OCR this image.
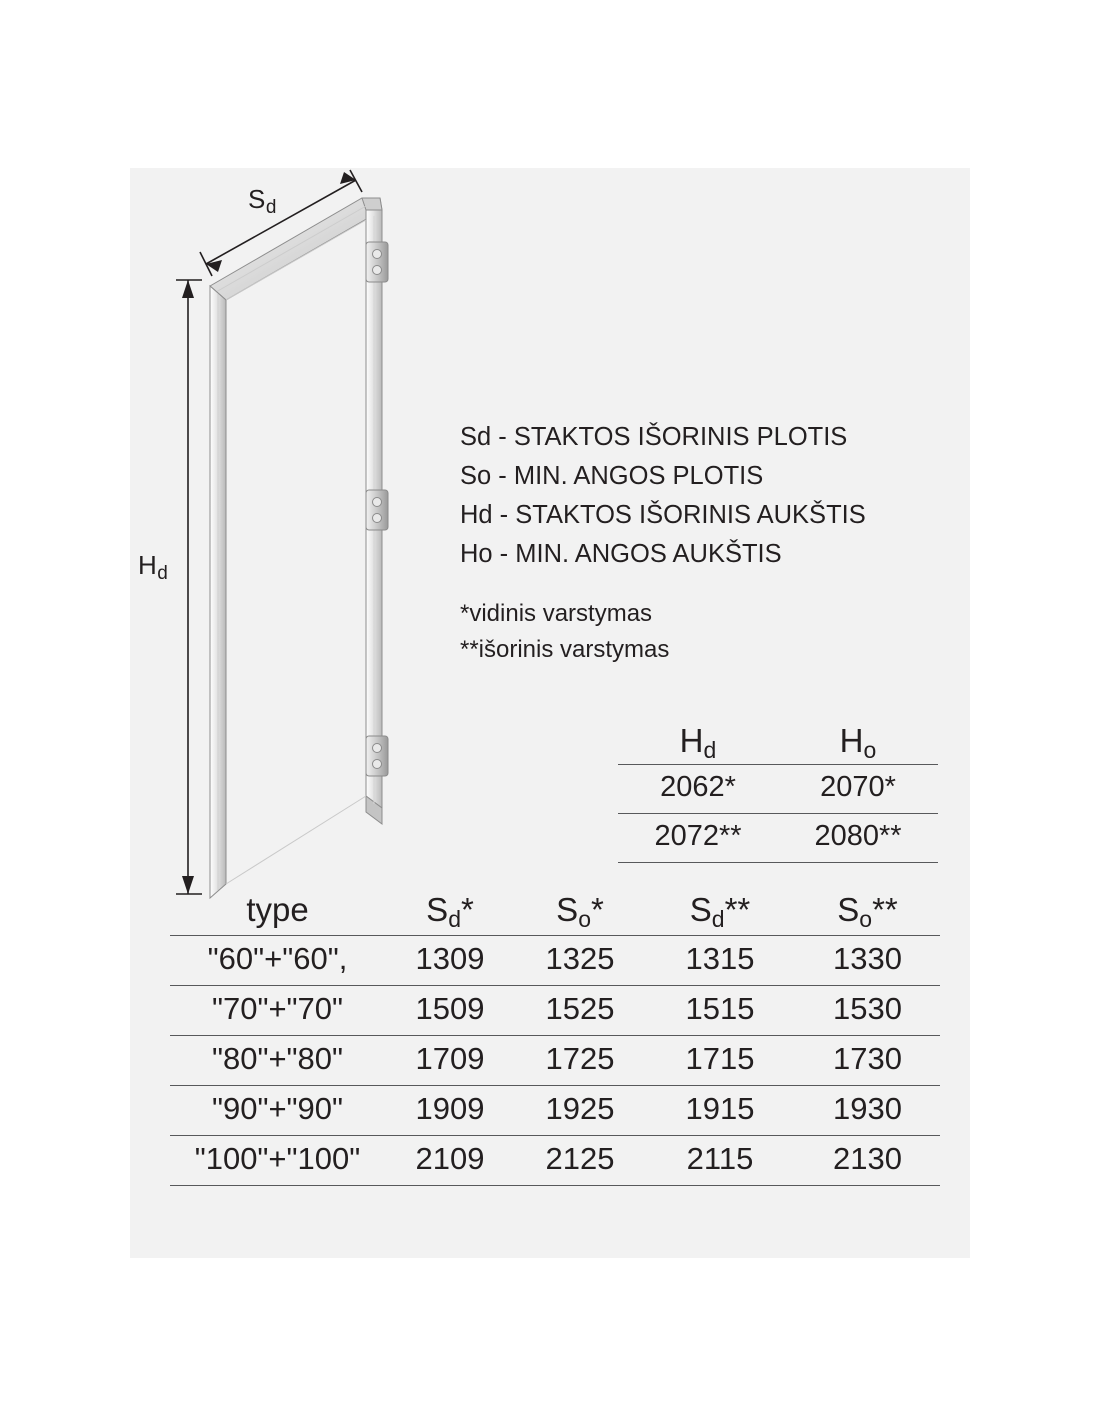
$S_d$
$H_d$
Sd - STAKTOS IŠORINIS PLOTIS
So - MIN. ANGOS PLOTIS
Hd - STAKTOS IŠORINIS AUKŠTIS
Ho - MIN. ANGOS AUKŠTIS
*vidinis varstymas
**išorinis varstymas
$H_d$	$H_o$
2062*	2070*
2072**	2080**
type	$S_d*$	$S_o*$	$S_d**$	$S_o**$
"60"+"60",	1309	1325	1315	1330
"70"+"70"	1509	1525	1515	1530
"80"+"80"	1709	1725	1715	1730
"90"+"90"	1909	1925	1915	1930
"100"+"100"	2109	2125	2115	2130
